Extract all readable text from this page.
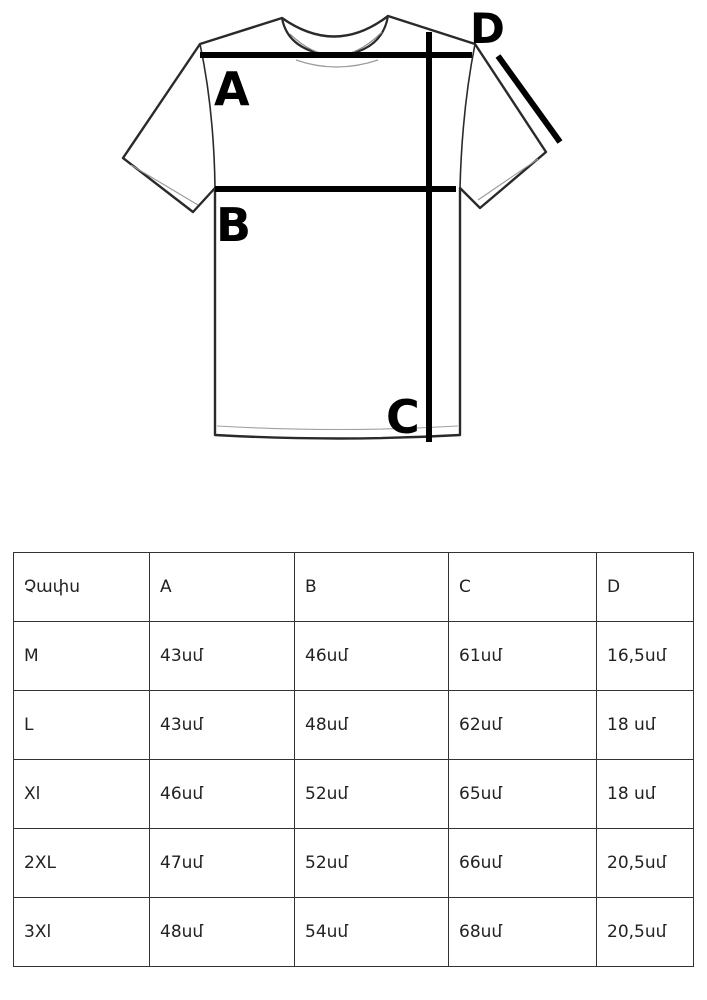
A
B
C
D
Չափս	A	B	C	D
M	43սմ	46սմ	61սմ	16,5սմ
L	43սմ	48սմ	62սմ	18 սմ
Xl	46սմ	52սմ	65սմ	18 սմ
2XL	47սմ	52սմ	66սմ	20,5սմ
3Xl	48սմ	54սմ	68սմ	20,5սմ
